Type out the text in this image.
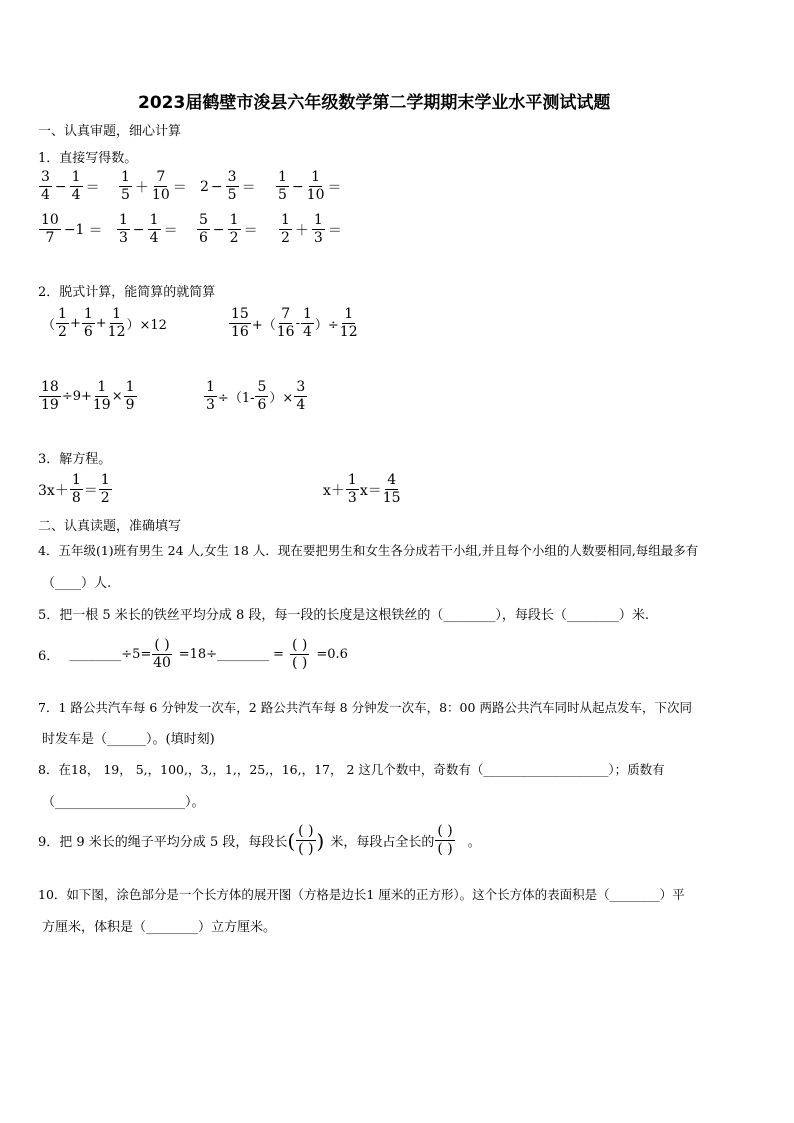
2023届鹤壁市浚县六年级数学第二学期期末学业水平测试试题
一、认真审题，细心计算
1．直接写得数。
3
4
− $\frac{1}{4}$ ＝
1
5 ＋
7
$10 = 2 - \frac{3}{5}$ ＝
1
5
− $\frac{1}{10}$ ＝
10
7
−1 ＝
1
3
− $\frac{1}{4}$ ＝
5
6
− $\frac{1}{2}$ ＝
1
2 ＋
1
3 ＝
2．脱式计算，能简算的就简算
（
1
2
+ $\frac{1}{6} + \frac{1}{12} )\times 12$
15
16 +（
7
16
-
1
4 ）÷ $\frac{1}{12}$
$\frac{18}{19} \div 9+ \frac{1}{19} \times \frac{1}{9}$	$\frac{1}{3} \div(1-$
5
6 ）× $\frac{3}{4}$
3．解方程。
3x＋
1
8 ＝
1
2	x＋
1
3 x＝
4
15
二、认真读题，准确填写
4．五年级(1)班有男生 24 人,女生 18 人．现在要把男生和女生各分成若干小组,并且每个小组的人数要相同,每组最多有
（____）人.
5．把一根 5 米长的铁丝平均分成 8 段，每一段的长度是这根铁丝的（________），每段长（________）米.
6． ________ ÷5=
( )
40
=18÷ ________ =
( )
( )
=0.6
7．1 路公共汽车每 6 分钟发一次车，2 路公共汽车每 8 分钟发一次车，8：00 两路公共汽车同时从起点发车，下次同
时发车是（______）。(填时刻)
8．在18， 19， 5,，100,，3,，1,，25,，16,，17， 2 这几个数中，奇数有（____________________）；质数有
（____________________）。
9．把 9 米长的绳子平均分成 5 段，每段长 ( ( )
( ) ) 米，每段占全长的
( )
( ) 。
10．如下图，涂色部分是一个长方体的展开图（方格是边长1 厘米的正方形）。这个长方体的表面积是（________）平
方厘米，体积是（________）立方厘米。
